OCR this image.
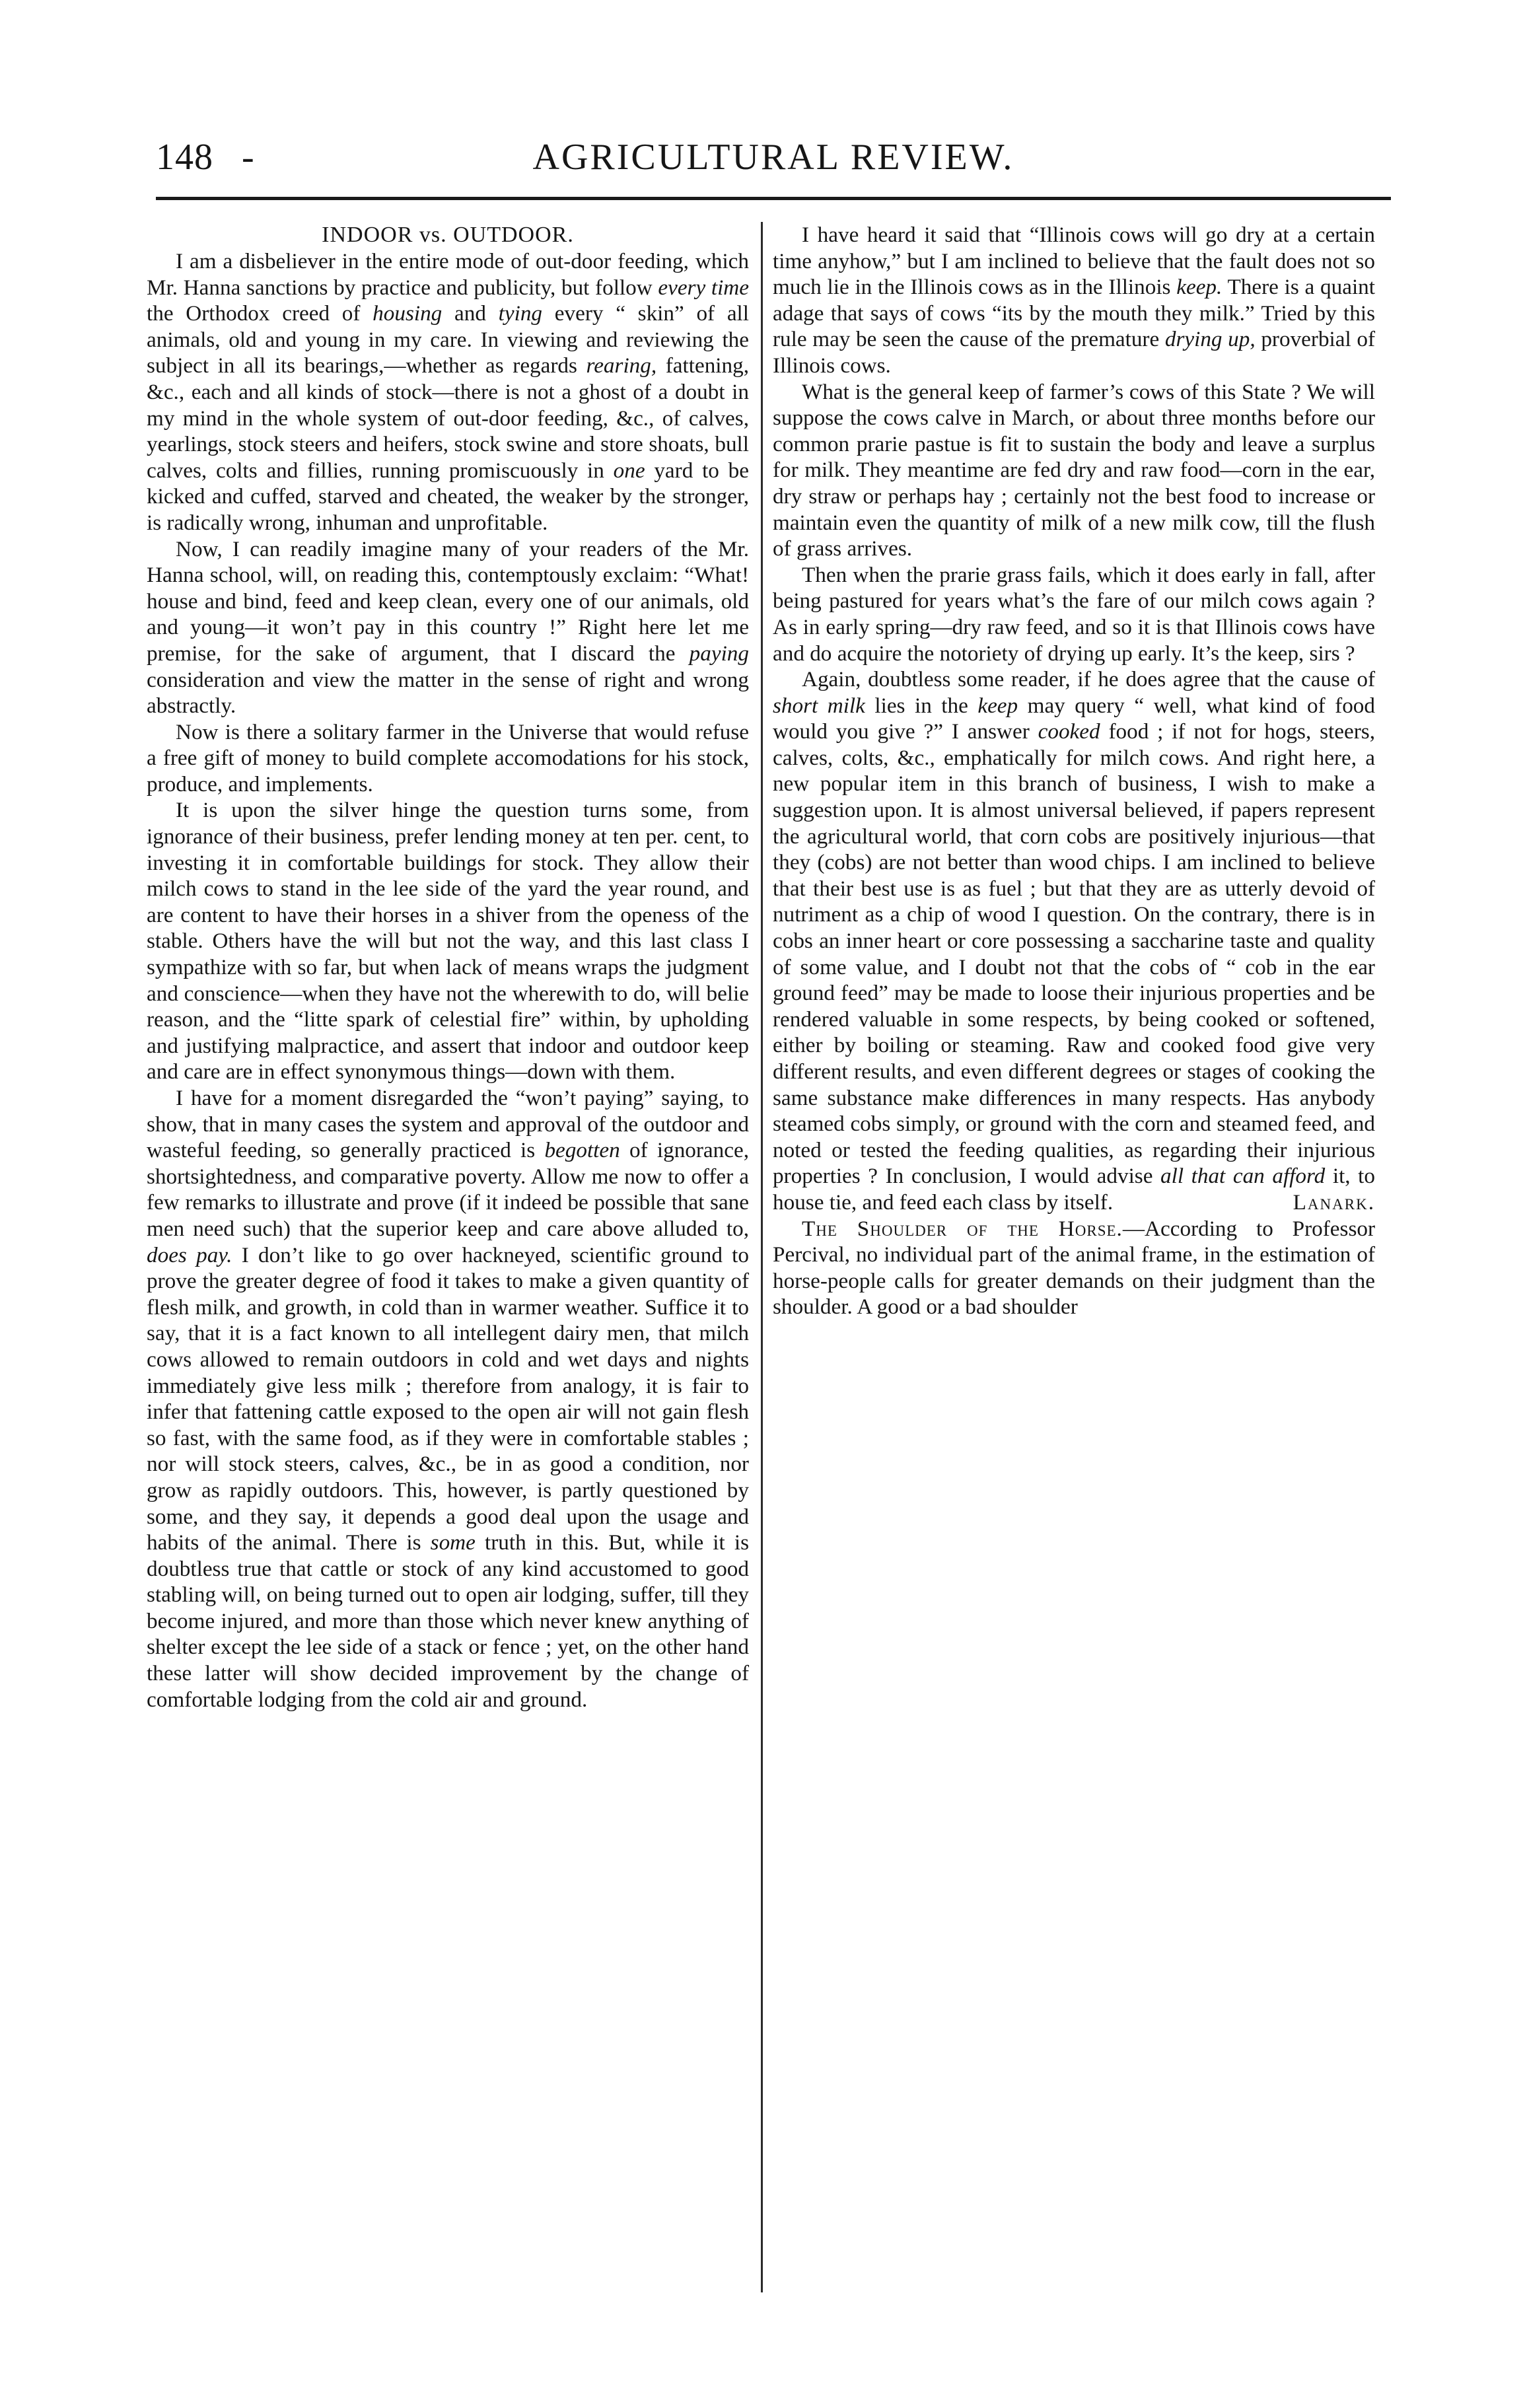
148 -	AGRICULTURAL REVIEW.
INDOOR vs. OUTDOOR.

I am a disbeliever in the entire mode of out-door feeding, which Mr. Hanna sanctions by practice and publicity, but follow every time the Orthodox creed of housing and tying every “ skin” of all animals, old and young in my care. In viewing and reviewing the subject in all its bearings,—whether as regards rearing, fattening, &c., each and all kinds of stock—there is not a ghost of a doubt in my mind in the whole system of out-door feeding, &c., of calves, yearlings, stock steers and heifers, stock swine and store shoats, bull calves, colts and fillies, running promiscuously in one yard to be kicked and cuffed, starved and cheated, the weaker by the stronger, is radically wrong, inhuman and unprofitable.

Now, I can readily imagine many of your readers of the Mr. Hanna school, will, on reading this, contemptously exclaim: “What! house and bind, feed and keep clean, every one of our animals, old and young—it won’t pay in this country !” Right here let me premise, for the sake of argument, that I discard the paying consideration and view the matter in the sense of right and wrong abstractly.

Now is there a solitary farmer in the Universe that would refuse a free gift of money to build complete accomodations for his stock, produce, and implements.

It is upon the silver hinge the question turns some, from ignorance of their business, prefer lending money at ten per. cent, to investing it in comfortable buildings for stock. They allow their milch cows to stand in the lee side of the yard the year round, and are content to have their horses in a shiver from the openess of the stable. Others have the will but not the way, and this last class I sympathize with so far, but when lack of means wraps the judgment and conscience—when they have not the wherewith to do, will belie reason, and the “litte spark of celestial fire” within, by upholding and justifying malpractice, and assert that indoor and outdoor keep and care are in effect synonymous things—down with them.

I have for a moment disregarded the “won’t paying” saying, to show, that in many cases the system and approval of the outdoor and wasteful feeding, so generally practiced is begotten of ignorance, shortsightedness, and comparative poverty. Allow me now to offer a few remarks to illustrate and prove (if it indeed be possible that sane men need such) that the superior keep and care above alluded to, does pay. I don’t like to go over hackneyed, scientific ground to prove the greater degree of food it takes to make a given quantity of flesh milk, and growth, in cold than in warmer weather. Suffice it to say, that it is a fact known to all intellegent dairy men, that milch cows allowed to remain outdoors in cold and wet days and nights immediately give less milk ; therefore from analogy, it is fair to infer that fattening cattle exposed to the open air will not gain flesh so fast, with the same food, as if they were in comfortable stables ; nor will stock steers, calves, &c., be in as good a condition, nor grow as rapidly outdoors. This, however, is partly questioned by some, and they say, it depends a good deal upon the usage and habits of the animal. There is some truth in this. But, while it is doubtless true that cattle or stock of any kind accustomed to good stabling will, on being turned out to open air lodging, suffer, till they become injured, and more than those which never knew anything of shelter except the lee side of a stack or fence ; yet, on the other hand these latter will show decided improvement by the change of comfortable lodging from the cold air and ground.

I have heard it said that “Illinois cows will go dry at a certain time anyhow,” but I am inclined to believe that the fault does not so much lie in the Illinois cows as in the Illinois keep. There is a quaint adage that says of cows “its by the mouth they milk.” Tried by this rule may be seen the cause of the premature drying up, proverbial of Illinois cows.

What is the general keep of farmer’s cows of this State ? We will suppose the cows calve in March, or about three months before our common prarie pastue is fit to sustain the body and leave a surplus for milk. They meantime are fed dry and raw food—corn in the ear, dry straw or perhaps hay ; certainly not the best food to increase or maintain even the quantity of milk of a new milk cow, till the flush of grass arrives.

Then when the prarie grass fails, which it does early in fall, after being pastured for years what’s the fare of our milch cows again ? As in early spring—dry raw feed, and so it is that Illinois cows have and do acquire the notoriety of drying up early. It’s the keep, sirs ?

Again, doubtless some reader, if he does agree that the cause of short milk lies in the keep may query “ well, what kind of food would you give ?” I answer cooked food ; if not for hogs, steers, calves, colts, &c., emphatically for milch cows. And right here, a new popular item in this branch of business, I wish to make a suggestion upon. It is almost universal believed, if papers represent the agricultural world, that corn cobs are positively injurious—that they (cobs) are not better than wood chips. I am inclined to believe that their best use is as fuel ; but that they are as utterly devoid of nutriment as a chip of wood I question. On the contrary, there is in cobs an inner heart or core possessing a saccharine taste and quality of some value, and I doubt not that the cobs of “ cob in the ear ground feed” may be made to loose their injurious properties and be rendered valuable in some respects, by being cooked or softened, either by boiling or steaming. Raw and cooked food give very different results, and even different degrees or stages of cooking the same substance make differences in many respects. Has anybody steamed cobs simply, or ground with the corn and steamed feed, and noted or tested the feeding qualities, as regarding their injurious properties ? In conclusion, I would advise all that can afford it, to house tie, and feed each class by itself.	Lanark.

The Shoulder of the Horse.—According to Professor Percival, no individual part of the animal frame, in the estimation of horse-people calls for greater demands on their judgment than the shoulder. A good or a bad shoulder
